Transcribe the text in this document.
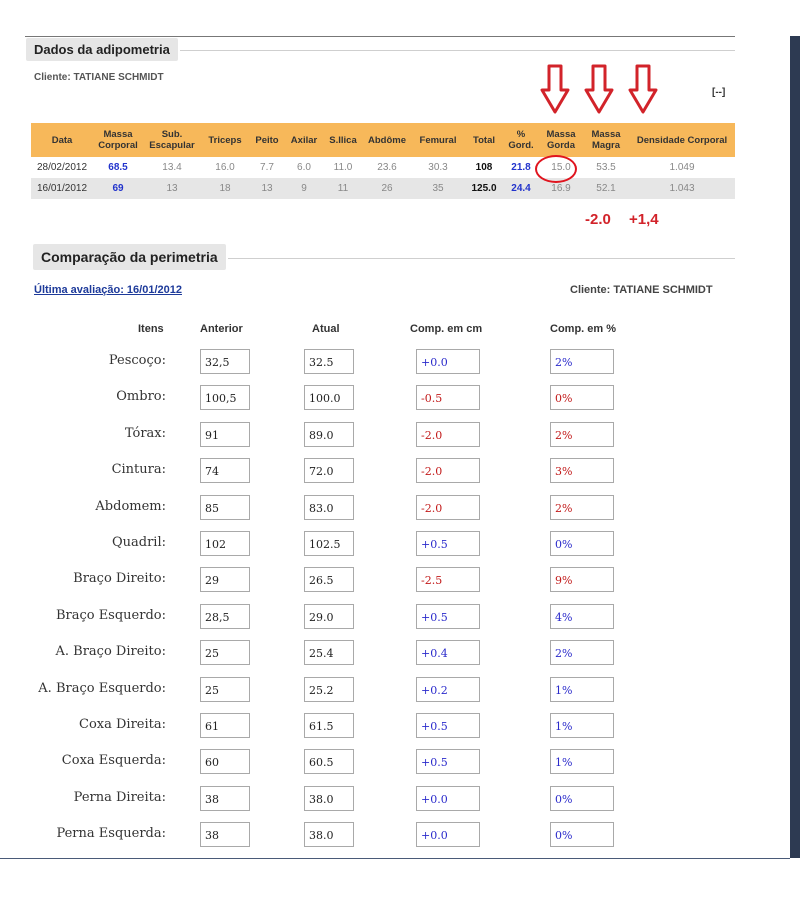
Dados da adipometria
Cliente: TATIANE SCHMIDT
[--]
Data	Massa Corporal	Sub. Escapular	Triceps	Peito	Axilar	S.Ilica	Abdôme	Femural	Total	% Gord.	Massa Gorda	Massa Magra	Densidade Corporal
28/02/2012	68.5	13.4	16.0	7.7	6.0	11.0	23.6	30.3	108	21.8	15.0	53.5	1.049
16/01/2012	69	13	18	13	9	11	26	35	125.0	24.4	16.9	52.1	1.043
-2.0 +1,4
Comparação da perimetria
Última avaliação: 16/01/2012	Cliente: TATIANE SCHMIDT
Itens	Anterior	Atual	Comp. em cm	Comp. em %
Pescoço:	32,5	32.5	+0.0	2%
Ombro:	100,5	100.0	-0.5	0%
Tórax:	91	89.0	-2.0	2%
Cintura:	74	72.0	-2.0	3%
Abdomem:	85	83.0	-2.0	2%
Quadril:	102	102.5	+0.5	0%
Braço Direito:	29	26.5	-2.5	9%
Braço Esquerdo:	28,5	29.0	+0.5	4%
A. Braço Direito:	25	25.4	+0.4	2%
A. Braço Esquerdo:	25	25.2	+0.2	1%
Coxa Direita:	61	61.5	+0.5	1%
Coxa Esquerda:	60	60.5	+0.5	1%
Perna Direita:	38	38.0	+0.0	0%
Perna Esquerda:	38	38.0	+0.0	0%
